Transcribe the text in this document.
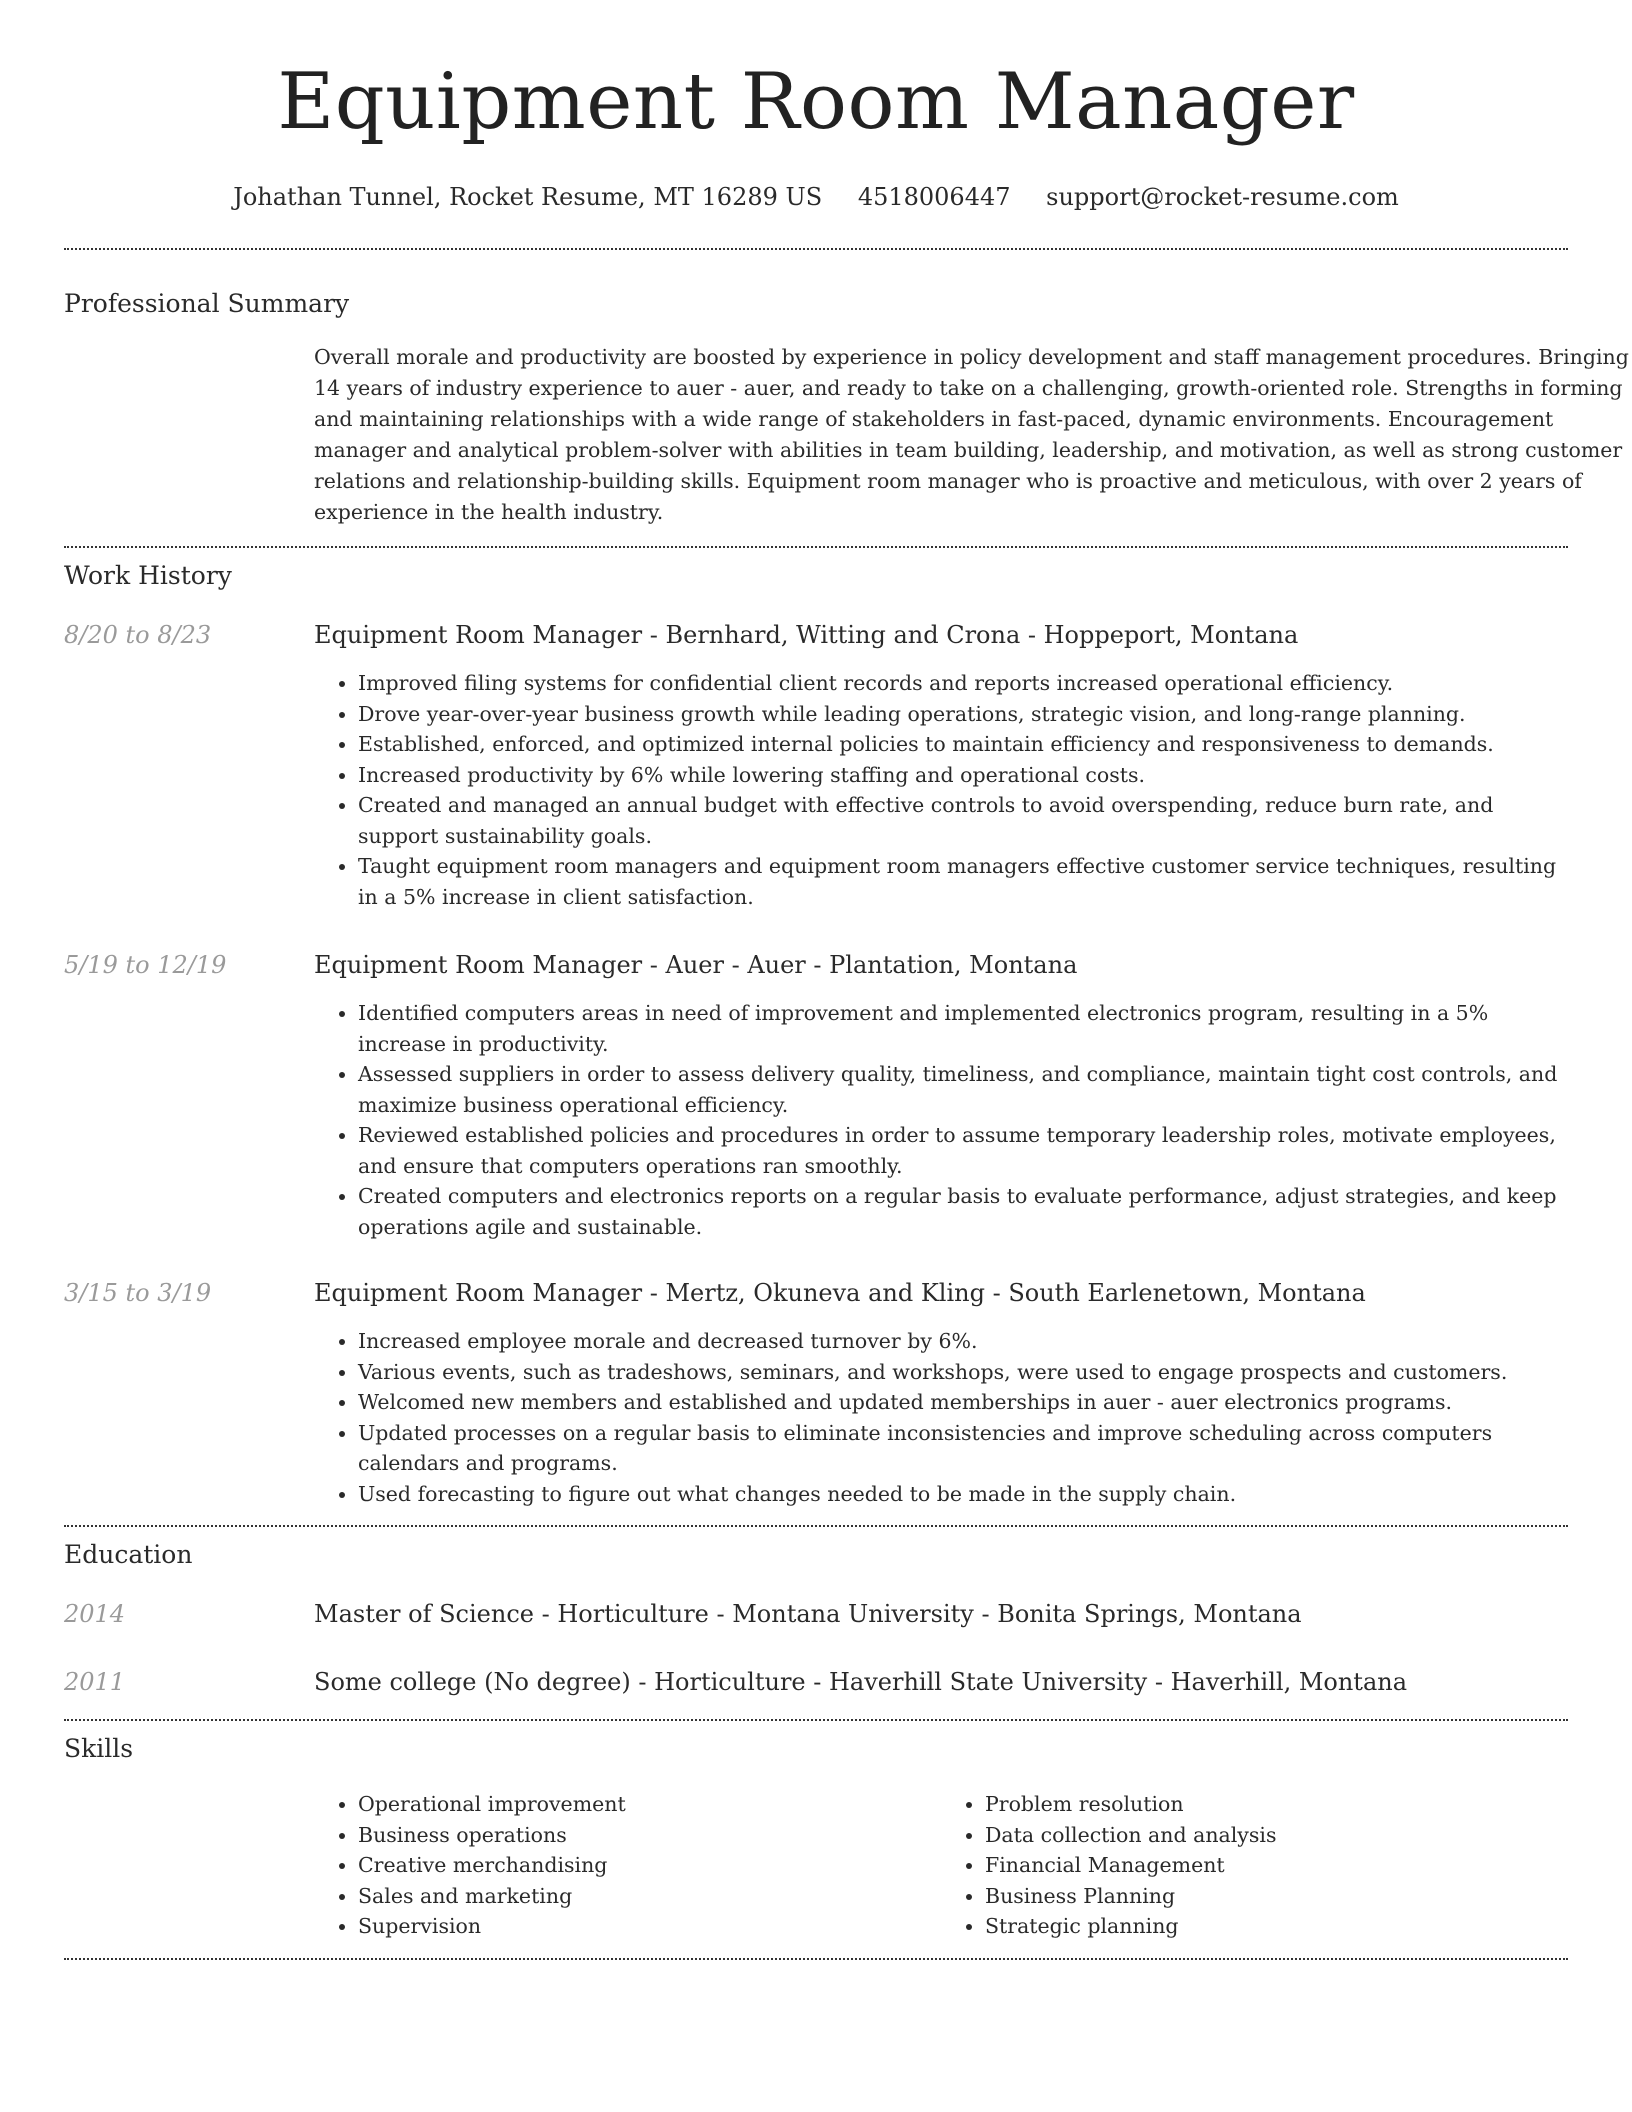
Equipment Room Manager
Johathan Tunnel, Rocket Resume, MT 16289 US 4518006447 support@rocket-resume.com
Professional Summary
Overall morale and productivity are boosted by experience in policy development and staff management procedures. Bringing 14 years of industry experience to auer - auer, and ready to take on a challenging, growth-oriented role. Strengths in forming and maintaining relationships with a wide range of stakeholders in fast-paced, dynamic environments. Encouragement manager and analytical problem-solver with abilities in team building, leadership, and motivation, as well as strong customer relations and relationship-building skills. Equipment room manager who is proactive and meticulous, with over 2 years of experience in the health industry.
Work History
8/20 to 8/23	Equipment Room Manager - Bernhard, Witting and Crona - Hoppeport, Montana
• Improved filing systems for confidential client records and reports increased operational efficiency.
• Drove year-over-year business growth while leading operations, strategic vision, and long-range planning.
• Established, enforced, and optimized internal policies to maintain efficiency and responsiveness to demands.
• Increased productivity by 6% while lowering staffing and operational costs.
• Created and managed an annual budget with effective controls to avoid overspending, reduce burn rate, and support sustainability goals.
• Taught equipment room managers and equipment room managers effective customer service techniques, resulting in a 5% increase in client satisfaction.
5/19 to 12/19	Equipment Room Manager - Auer - Auer - Plantation, Montana
• Identified computers areas in need of improvement and implemented electronics program, resulting in a 5% increase in productivity.
• Assessed suppliers in order to assess delivery quality, timeliness, and compliance, maintain tight cost controls, and maximize business operational efficiency.
• Reviewed established policies and procedures in order to assume temporary leadership roles, motivate employees, and ensure that computers operations ran smoothly.
• Created computers and electronics reports on a regular basis to evaluate performance, adjust strategies, and keep operations agile and sustainable.
3/15 to 3/19	Equipment Room Manager - Mertz, Okuneva and Kling - South Earlenetown, Montana
• Increased employee morale and decreased turnover by 6%.
• Various events, such as tradeshows, seminars, and workshops, were used to engage prospects and customers.
• Welcomed new members and established and updated memberships in auer - auer electronics programs.
• Updated processes on a regular basis to eliminate inconsistencies and improve scheduling across computers calendars and programs.
• Used forecasting to figure out what changes needed to be made in the supply chain.
Education
2014	Master of Science - Horticulture - Montana University - Bonita Springs, Montana
2011	Some college (No degree) - Horticulture - Haverhill State University - Haverhill, Montana
Skills
• Operational improvement
• Business operations
• Creative merchandising
• Sales and marketing
• Supervision
• Problem resolution
• Data collection and analysis
• Financial Management
• Business Planning
• Strategic planning
